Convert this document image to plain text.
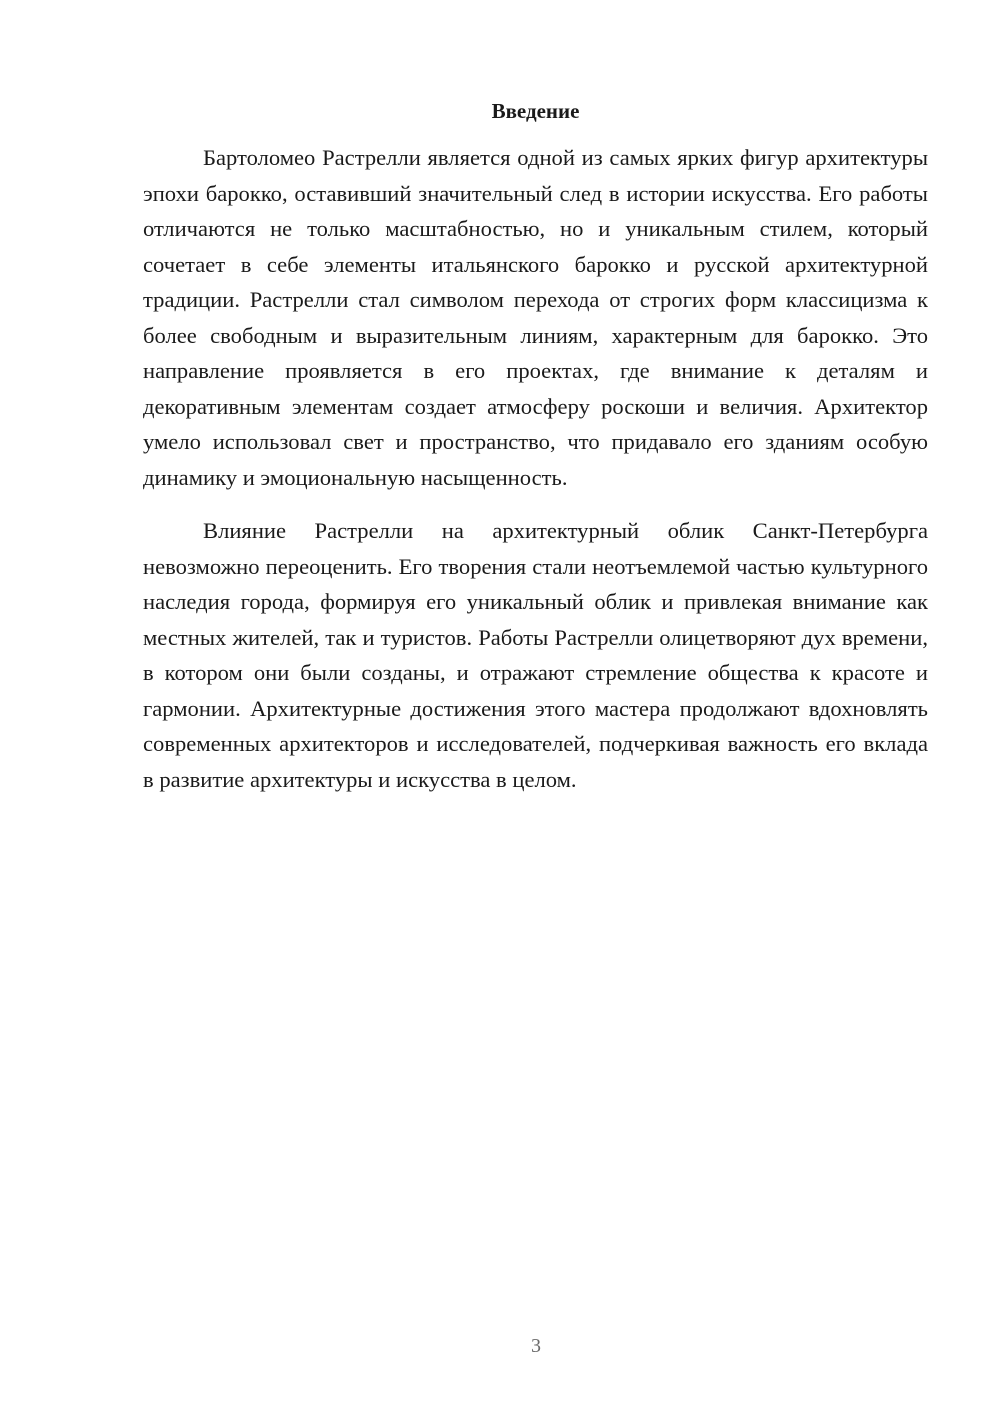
Введение

Бартоломео Растрелли является одной из самых ярких фигур архитектуры эпохи барокко, оставивший значительный след в истории искусства. Его работы отличаются не только масштабностью, но и уникальным стилем, который сочетает в себе элементы итальянского барокко и русской архитектурной традиции. Растрелли стал символом перехода от строгих форм классицизма к более свободным и выразительным линиям, характерным для барокко. Это направление проявляется в его проектах, где внимание к деталям и декоративным элементам создает атмосферу роскоши и величия. Архитектор умело использовал свет и пространство, что придавало его зданиям особую динамику и эмоциональную насыщенность.

Влияние Растрелли на архитектурный облик Санкт-Петербурга невозможно переоценить. Его творения стали неотъемлемой частью культурного наследия города, формируя его уникальный облик и привлекая внимание как местных жителей, так и туристов. Работы Растрелли олицетворяют дух времени, в котором они были созданы, и отражают стремление общества к красоте и гармонии. Архитектурные достижения этого мастера продолжают вдохновлять современных архитекторов и исследователей, подчеркивая важность его вклада в развитие архитектуры и искусства в целом.

3
